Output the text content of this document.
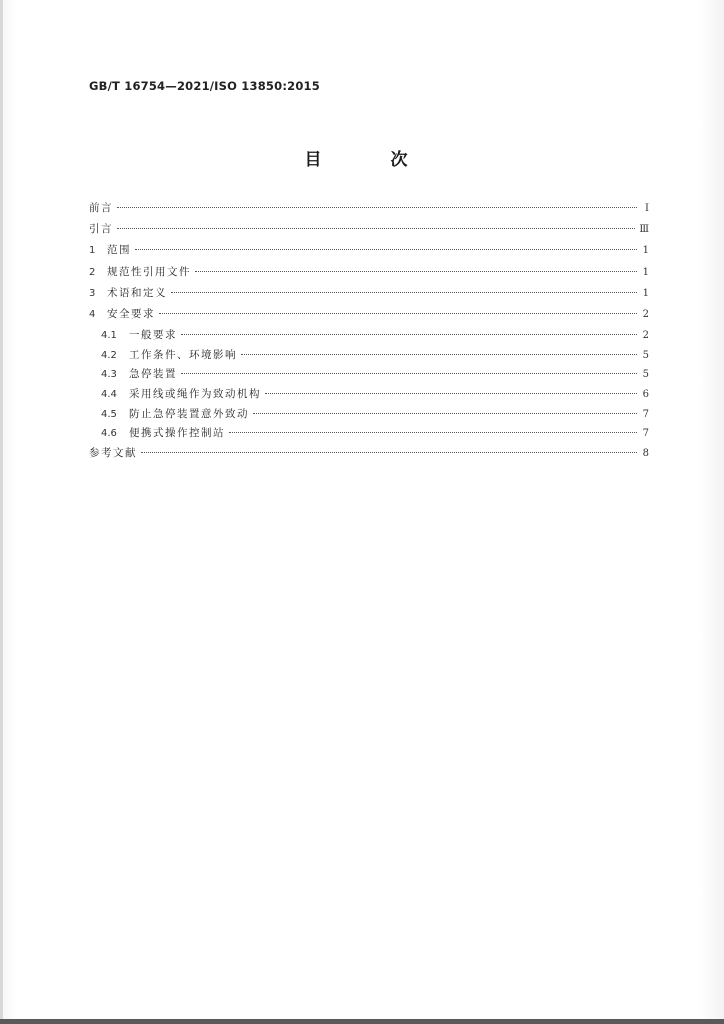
GB/T 16754—2021/ISO 13850:2015
目　次
前言	Ⅰ
引言	Ⅲ
1	范围	1
2	规范性引用文件	1
3	术语和定义	1
4	安全要求	2
4.1	一般要求	2
4.2	工作条件、环境影响	5
4.3	急停装置	5
4.4	采用线或绳作为致动机构	6
4.5	防止急停装置意外致动	7
4.6	便携式操作控制站	7
参考文献	8
